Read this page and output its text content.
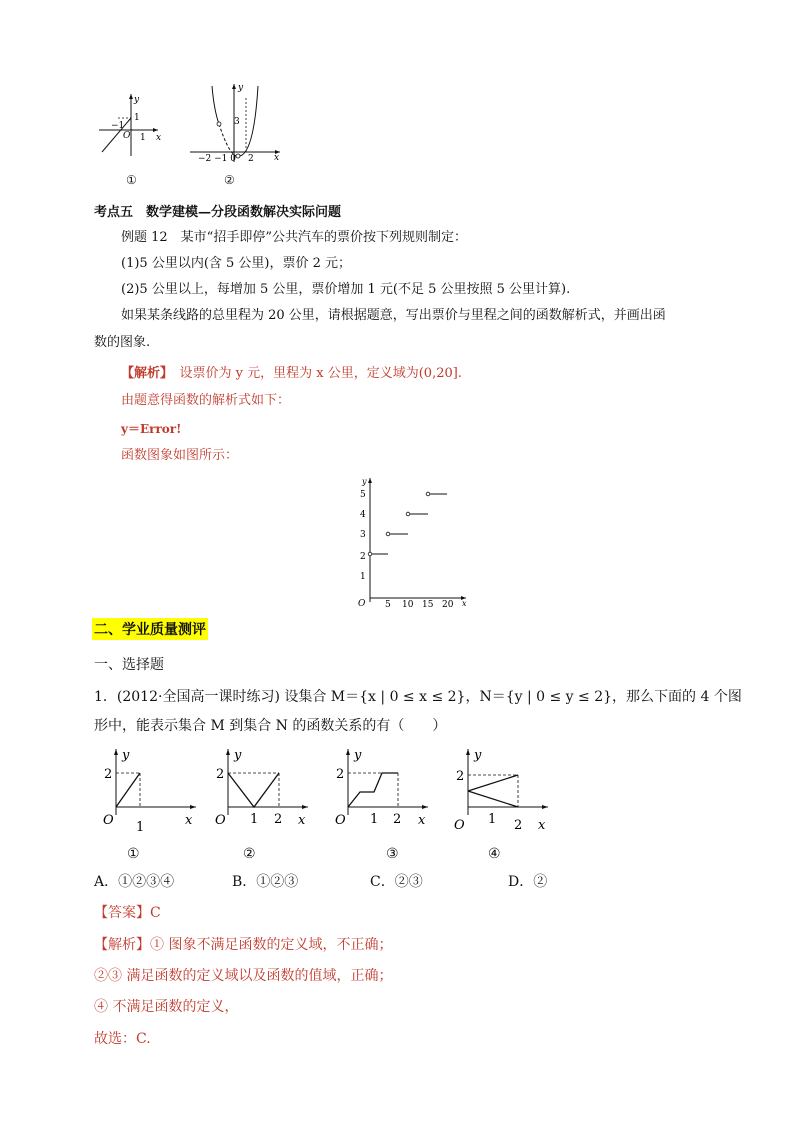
y
x
O
−1
1
1
①
y
x
3
−2 −1 0 2
②
考点五　数学建模—分段函数解决实际问题
例题 12　某市“招手即停”公共汽车的票价按下列规则制定：
(1)5 公里以内(含 5 公里)，票价 2 元；
(2)5 公里以上，每增加 5 公里，票价增加 1 元(不足 5 公里按照 5 公里计算).
如果某条线路的总里程为 20 公里，请根据题意，写出票价与里程之间的函数解析式，并画出函
数的图象.
【解析】　设票价为 y 元，里程为 x 公里，定义域为(0,20].
由题意得函数的解析式如下：
y＝Error!
函数图象如图所示：
y
x
O
1
2
3
4
5
5 10 15 20
二、学业质量测评
一、选择题
1．(2012·全国高一课时练习) 设集合 M＝{x | 0 ≤ x ≤ 2}，N＝{y | 0 ≤ y ≤ 2}，那么下面的 4 个图
形中，能表示集合 M 到集合 N 的函数关系的有（　　）
y
x
O
2
1
①
y
x
O
2
1 2
②
y
x
O
2
1 2
③
y
x
O
2
1 2
④
A．①②③④	B．①②③	C．②③	D．②
【答案】C
【解析】① 图象不满足函数的定义域，不正确；
②③ 满足函数的定义域以及函数的值域，正确；
④ 不满足函数的定义，
故选：C.
